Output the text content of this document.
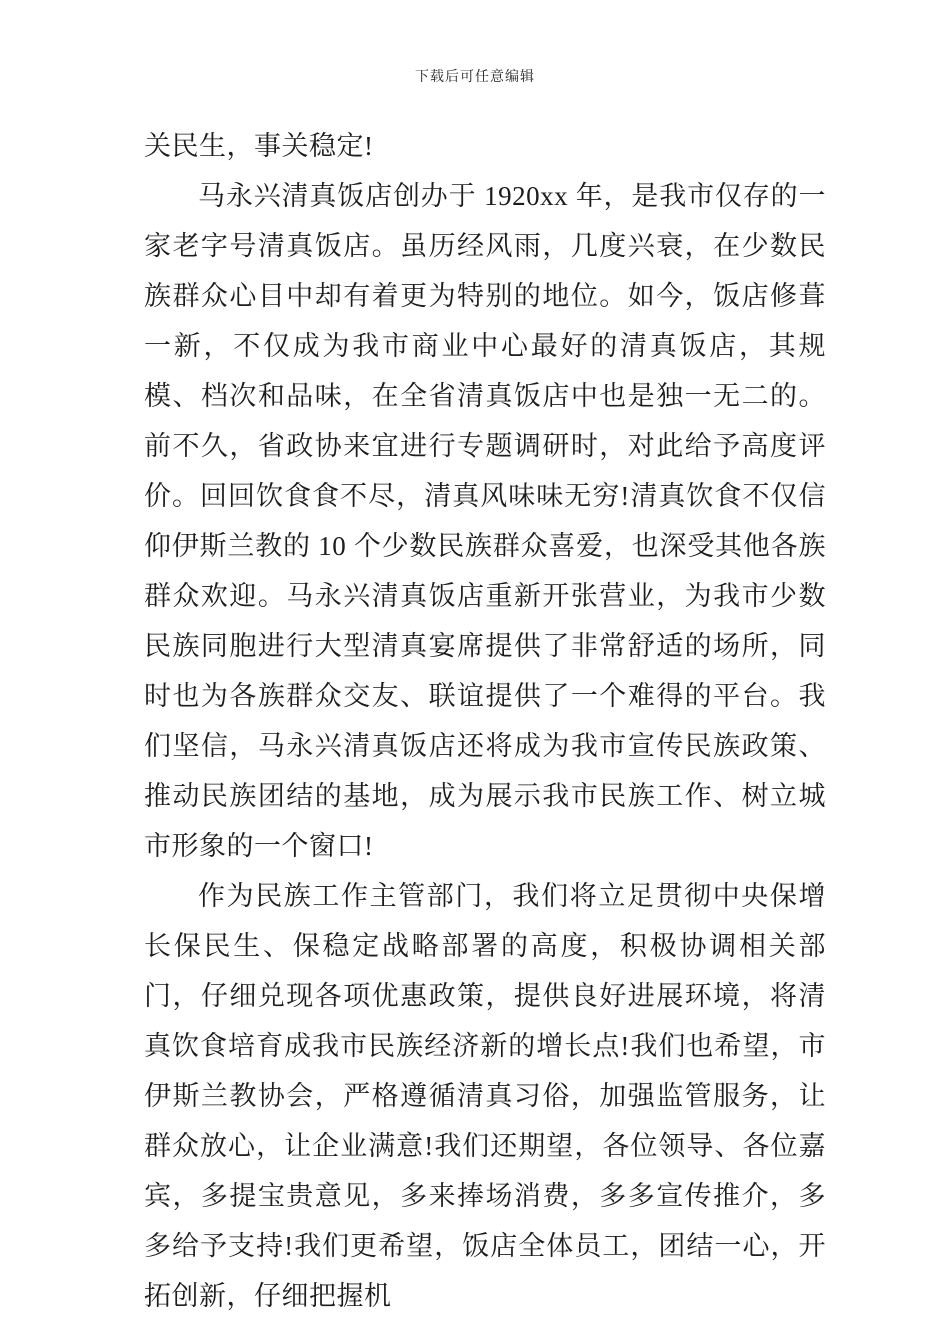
下载后可任意编辑

关民生，事关稳定!

马永兴清真饭店创办于 1920xx 年，是我市仅存的一家老字号清真饭店。虽历经风雨，几度兴衰，在少数民族群众心目中却有着更为特别的地位。如今，饭店修葺一新，不仅成为我市商业中心最好的清真饭店，其规模、档次和品味，在全省清真饭店中也是独一无二的。前不久，省政协来宜进行专题调研时，对此给予高度评价。回回饮食食不尽，清真风味味无穷!清真饮食不仅信仰伊斯兰教的 10 个少数民族群众喜爱，也深受其他各族群众欢迎。马永兴清真饭店重新开张营业，为我市少数民族同胞进行大型清真宴席提供了非常舒适的场所，同时也为各族群众交友、联谊提供了一个难得的平台。我们坚信，马永兴清真饭店还将成为我市宣传民族政策、推动民族团结的基地，成为展示我市民族工作、树立城市形象的一个窗口!

作为民族工作主管部门，我们将立足贯彻中央保增长保民生、保稳定战略部署的高度，积极协调相关部门，仔细兑现各项优惠政策，提供良好进展环境，将清真饮食培育成我市民族经济新的增长点!我们也希望，市伊斯兰教协会，严格遵循清真习俗，加强监管服务，让群众放心，让企业满意!我们还期望，各位领导、各位嘉宾，多提宝贵意见，多来捧场消费，多多宣传推介，多多给予支持!我们更希望，饭店全体员工，团结一心，开拓创新，仔细把握机
